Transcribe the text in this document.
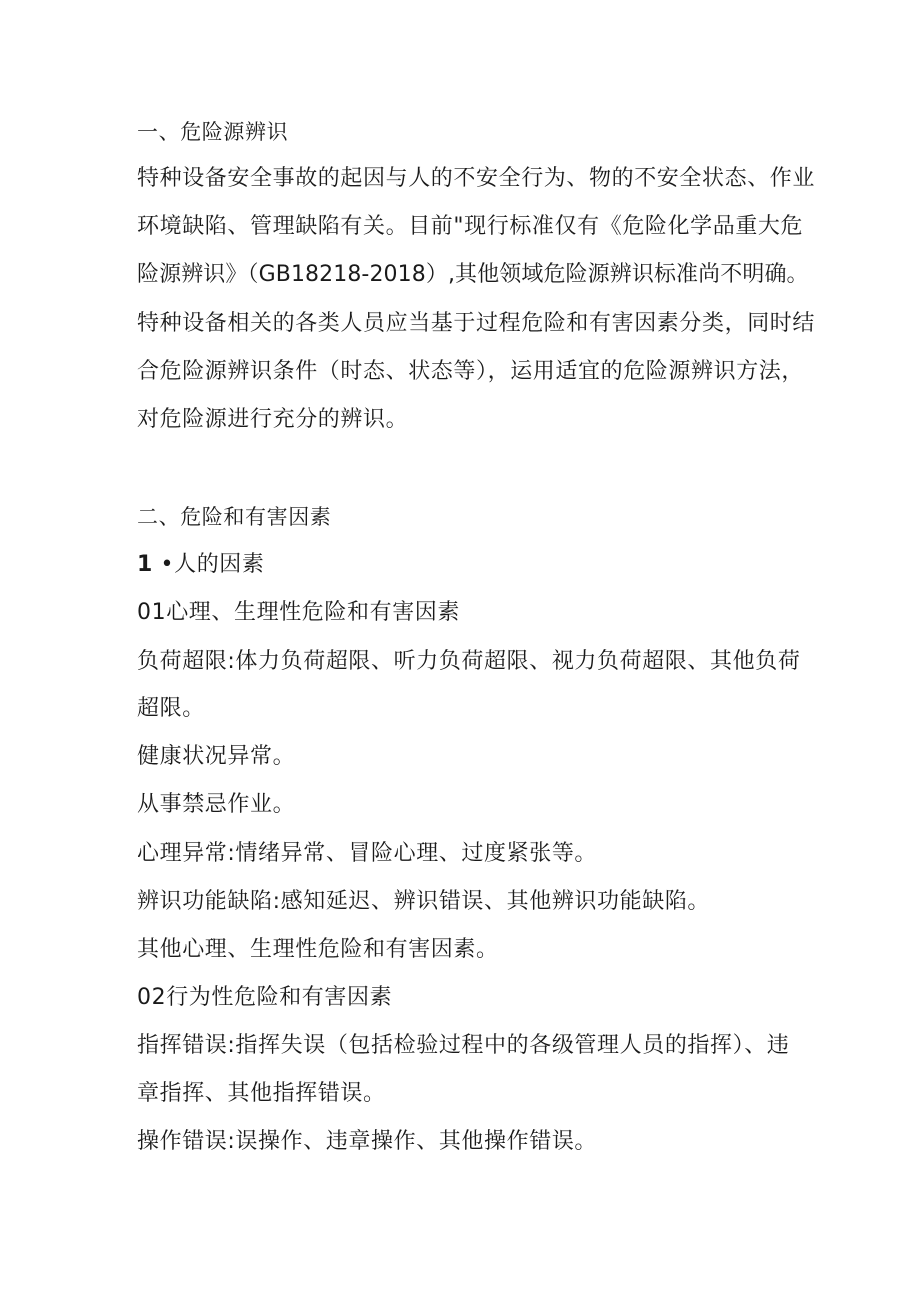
一、危险源辨识
特种设备安全事故的起因与人的不安全行为、物的不安全状态、作业
环境缺陷、管理缺陷有关。目前"现行标准仅有《危险化学品重大危
险源辨识》（GB18218-2018）,其他领域危险源辨识标准尚不明确。
特种设备相关的各类人员应当基于过程危险和有害因素分类，同时结
合危险源辨识条件（时态、状态等），运用适宜的危险源辨识方法，
对危险源进行充分的辨识。
二、危险和有害因素
1 •人的因素
01心理、生理性危险和有害因素
负荷超限:体力负荷超限、听力负荷超限、视力负荷超限、其他负荷
超限。
健康状况异常。
从事禁忌作业。
心理异常:情绪异常、冒险心理、过度紧张等。
辨识功能缺陷:感知延迟、辨识错误、其他辨识功能缺陷。
其他心理、生理性危险和有害因素。
02行为性危险和有害因素
指挥错误:指挥失误（包括检验过程中的各级管理人员的指挥）、违
章指挥、其他指挥错误。
操作错误:误操作、违章操作、其他操作错误。
